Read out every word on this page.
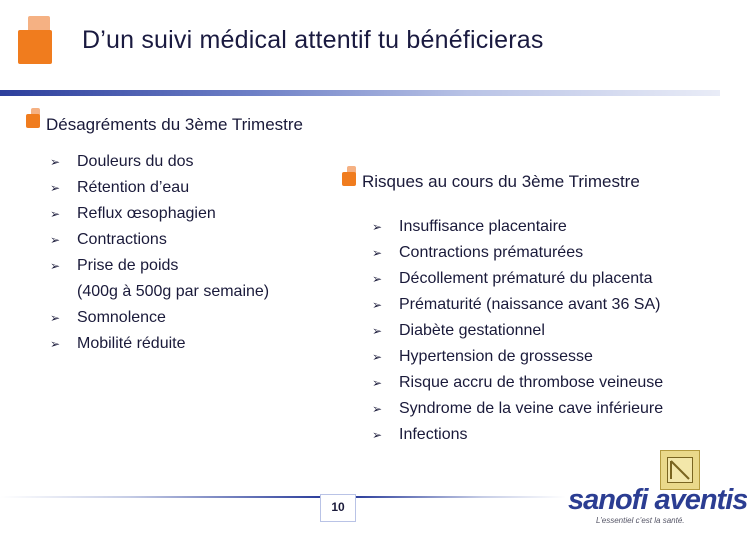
D’un suivi médical attentif tu bénéficieras
Désagréments du 3ème Trimestre
➢ Douleurs du dos
➢ Rétention d’eau
➢ Reflux œsophagien
➢ Contractions
➢ Prise de poids
(400g à 500g par semaine)
➢ Somnolence
➢ Mobilité réduite
Risques au cours du 3ème Trimestre
➢ Insuffisance placentaire
➢ Contractions prématurées
➢ Décollement prématuré du placenta
➢ Prématurité (naissance avant 36 SA)
➢ Diabète gestationnel
➢ Hypertension de grossesse
➢ Risque accru de thrombose veineuse
➢ Syndrome de la veine cave inférieure
➢ Infections
10	sanofi aventis
L’essentiel c’est la santé.
